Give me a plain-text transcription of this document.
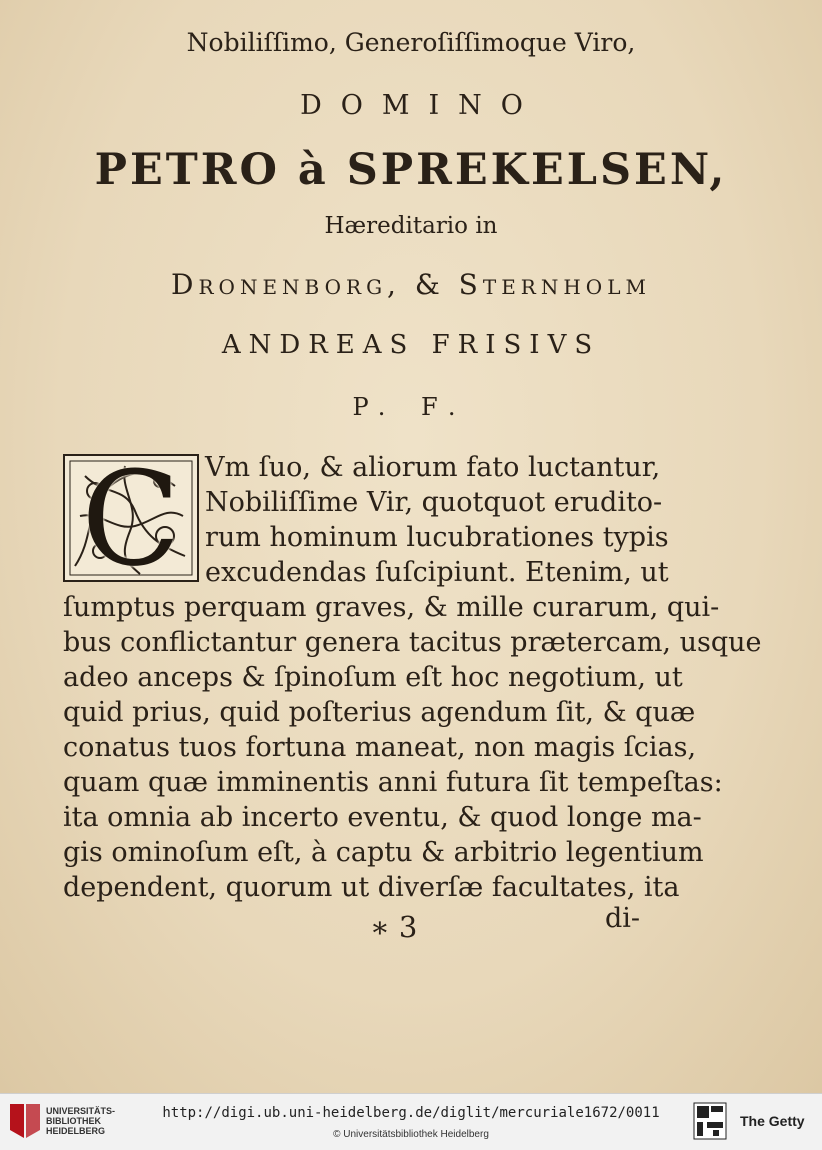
Nobiliſſimo, Generoſiſſimoque Viro,
DOMINO
PETRO à SPREKELSEN,
Hæreditario in
Dronenborg, & Sternholm
ANDREAS FRISIVS
P. F.
C Vm ſuo, & aliorum fato luctantur,
Nobiliſſime Vir, quotquot erudito-
rum hominum lucubrationes typis
excudendas ſuſcipiunt. Etenim, ut
ſumptus perquam graves, & mille curarum, qui-
bus conflictantur genera tacitus prætercam, usque
adeo anceps & ſpinoſum eſt hoc negotium, ut
quid prius, quid poſterius agendum ſit, & quæ
conatus tuos fortuna maneat, non magis ſcias,
quam quæ imminentis anni futura ſit tempeſtas:
ita omnia ab incerto eventu, & quod longe ma-
gis ominoſum eſt, à captu & arbitrio legentium
dependent, quorum ut diverſæ facultates, ita
∗ 3	di-
UNIVERSITÄTS-
BIBLIOTHEK
HEIDELBERG
http://digi.ub.uni-heidelberg.de/diglit/mercuriale1672/0011
© Universitätsbibliothek Heidelberg
The Getty
